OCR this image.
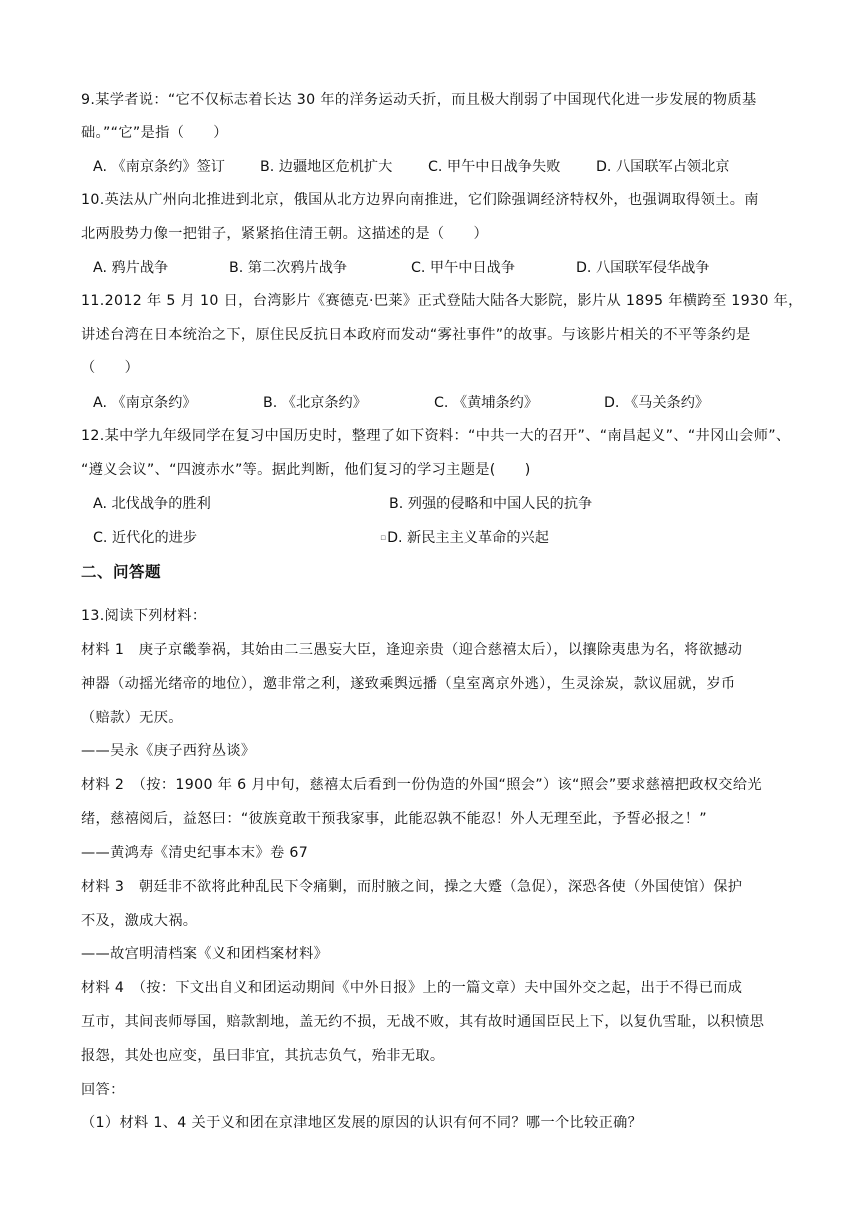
9.某学者说：“它不仅标志着长达 30 年的洋务运动夭折，而且极大削弱了中国现代化进一步发展的物质基
础。”“它”是指（　　）
A. 《南京条约》签订 B. 边疆地区危机扩大	C. 甲午中日战争失败	D. 八国联军占领北京
10.英法从广州向北推进到北京，俄国从北方边界向南推进，它们除强调经济特权外，也强调取得领土。南
北两股势力像一把钳子，紧紧掐住清王朝。这描述的是（　　）
A. 鸦片战争	B. 第二次鸦片战争	C. 甲午中日战争	D. 八国联军侵华战争
11.2012 年 5 月 10 日，台湾影片《赛德克·巴莱》正式登陆大陆各大影院，影片从 1895 年横跨至 1930 年，
讲述台湾在日本统治之下，原住民反抗日本政府而发动“雾社事件”的故事。与该影片相关的不平等条约是
（　　）
A. 《南京条约》	B. 《北京条约》	C. 《黄埔条约》	D. 《马关条约》
12.某中学九年级同学在复习中国历史时，整理了如下资料：“中共一大的召开”、“南昌起义”、“井冈山会师”、
“遵义会议”、“四渡赤水”等。据此判断，他们复习的学习主题是(　　)
A. 北伐战争的胜利	B. 列强的侵略和中国人民的抗争
C. 近代化的进步	▫D. 新民主主义革命的兴起
二、问答题
13.阅读下列材料：
材料 1　庚子京畿拳祸，其始由二三愚妄大臣，逢迎亲贵（迎合慈禧太后），以攘除夷患为名，将欲撼动
神器（动摇光绪帝的地位），邀非常之利，遂致乘舆远播（皇室离京外逃），生灵涂炭，款议屈就，岁币
（赔款）无厌。
——吴永《庚子西狩丛谈》
材料 2　（按：1900 年 6 月中旬，慈禧太后看到一份伪造的外国“照会”）该“照会”要求慈禧把政权交给光
绪，慈禧阅后，益怒曰：“彼族竟敢干预我家事，此能忍孰不能忍！外人无理至此，予誓必报之！”
——黄鸿寿《清史纪事本末》卷 67
材料 3　朝廷非不欲将此种乱民下令痛剿，而肘腋之间，操之大蹙（急促），深恐各使（外国使馆）保护
不及，激成大祸。
——故宫明清档案《义和团档案材料》
材料 4　（按：下文出自义和团运动期间《中外日报》上的一篇文章）夫中国外交之起，出于不得已而成
互市，其间丧师辱国，赔款割地，盖无约不损，无战不败，其有故时通国臣民上下，以复仇雪耻，以积愤思
报怨，其处也应变，虽曰非宜，其抗志负气，殆非无取。
回答：
（1）材料 1、4 关于义和团在京津地区发展的原因的认识有何不同？哪一个比较正确？
